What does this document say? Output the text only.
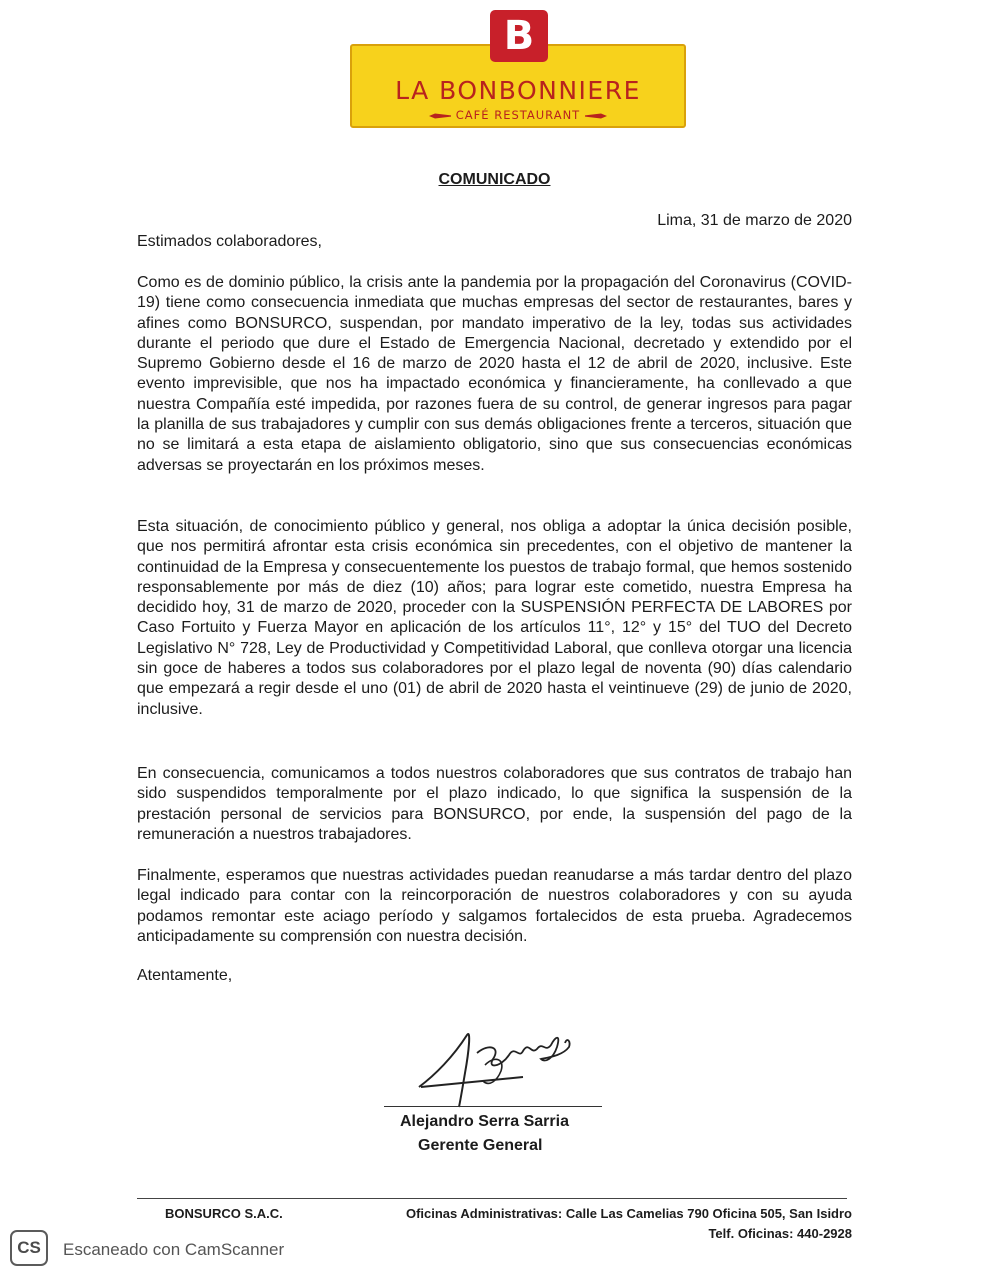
LA BONBONNIERE
CAFÉ RESTAURANT
B
COMUNICADO
Lima, 31 de marzo de 2020
Estimados colaboradores,

Como es de dominio público, la crisis ante la pandemia por la propagación del Coronavirus (COVID-19) tiene como consecuencia inmediata que muchas empresas del sector de restaurantes, bares y afines como BONSURCO, suspendan, por mandato imperativo de la ley, todas sus actividades durante el periodo que dure el Estado de Emergencia Nacional, decretado y extendido por el Supremo Gobierno desde el 16 de marzo de 2020 hasta el 12 de abril de 2020, inclusive. Este evento imprevisible, que nos ha impactado económica y financieramente, ha conllevado a que nuestra Compañía esté impedida, por razones fuera de su control, de generar ingresos para pagar la planilla de sus trabajadores y cumplir con sus demás obligaciones frente a terceros, situación que no se limitará a esta etapa de aislamiento obligatorio, sino que sus consecuencias económicas adversas se proyectarán en los próximos meses.

Esta situación, de conocimiento público y general, nos obliga a adoptar la única decisión posible, que nos permitirá afrontar esta crisis económica sin precedentes, con el objetivo de mantener la continuidad de la Empresa y consecuentemente los puestos de trabajo formal, que hemos sostenido responsablemente por más de diez (10) años; para lograr este cometido, nuestra Empresa ha decidido hoy, 31 de marzo de 2020, proceder con la SUSPENSIÓN PERFECTA DE LABORES por Caso Fortuito y Fuerza Mayor en aplicación de los artículos 11°, 12° y 15° del TUO del Decreto Legislativo N° 728, Ley de Productividad y Competitividad Laboral, que conlleva otorgar una licencia sin goce de haberes a todos sus colaboradores por el plazo legal de noventa (90) días calendario que empezará a regir desde el uno (01) de abril de 2020 hasta el veintinueve (29) de junio de 2020, inclusive.

En consecuencia, comunicamos a todos nuestros colaboradores que sus contratos de trabajo han sido suspendidos temporalmente por el plazo indicado, lo que significa la suspensión de la prestación personal de servicios para BONSURCO, por ende, la suspensión del pago de la remuneración a nuestros trabajadores.

Finalmente, esperamos que nuestras actividades puedan reanudarse a más tardar dentro del plazo legal indicado para contar con la reincorporación de nuestros colaboradores y con su ayuda podamos remontar este aciago período y salgamos fortalecidos de esta prueba. Agradecemos anticipadamente su comprensión con nuestra decisión.

Atentamente,
Alejandro Serra Sarria
Gerente General
BONSURCO S.A.C.	Oficinas Administrativas: Calle Las Camelias 790 Oficina 505, San Isidro
Telf. Oficinas: 440-2928
CS	Escaneado con CamScanner
